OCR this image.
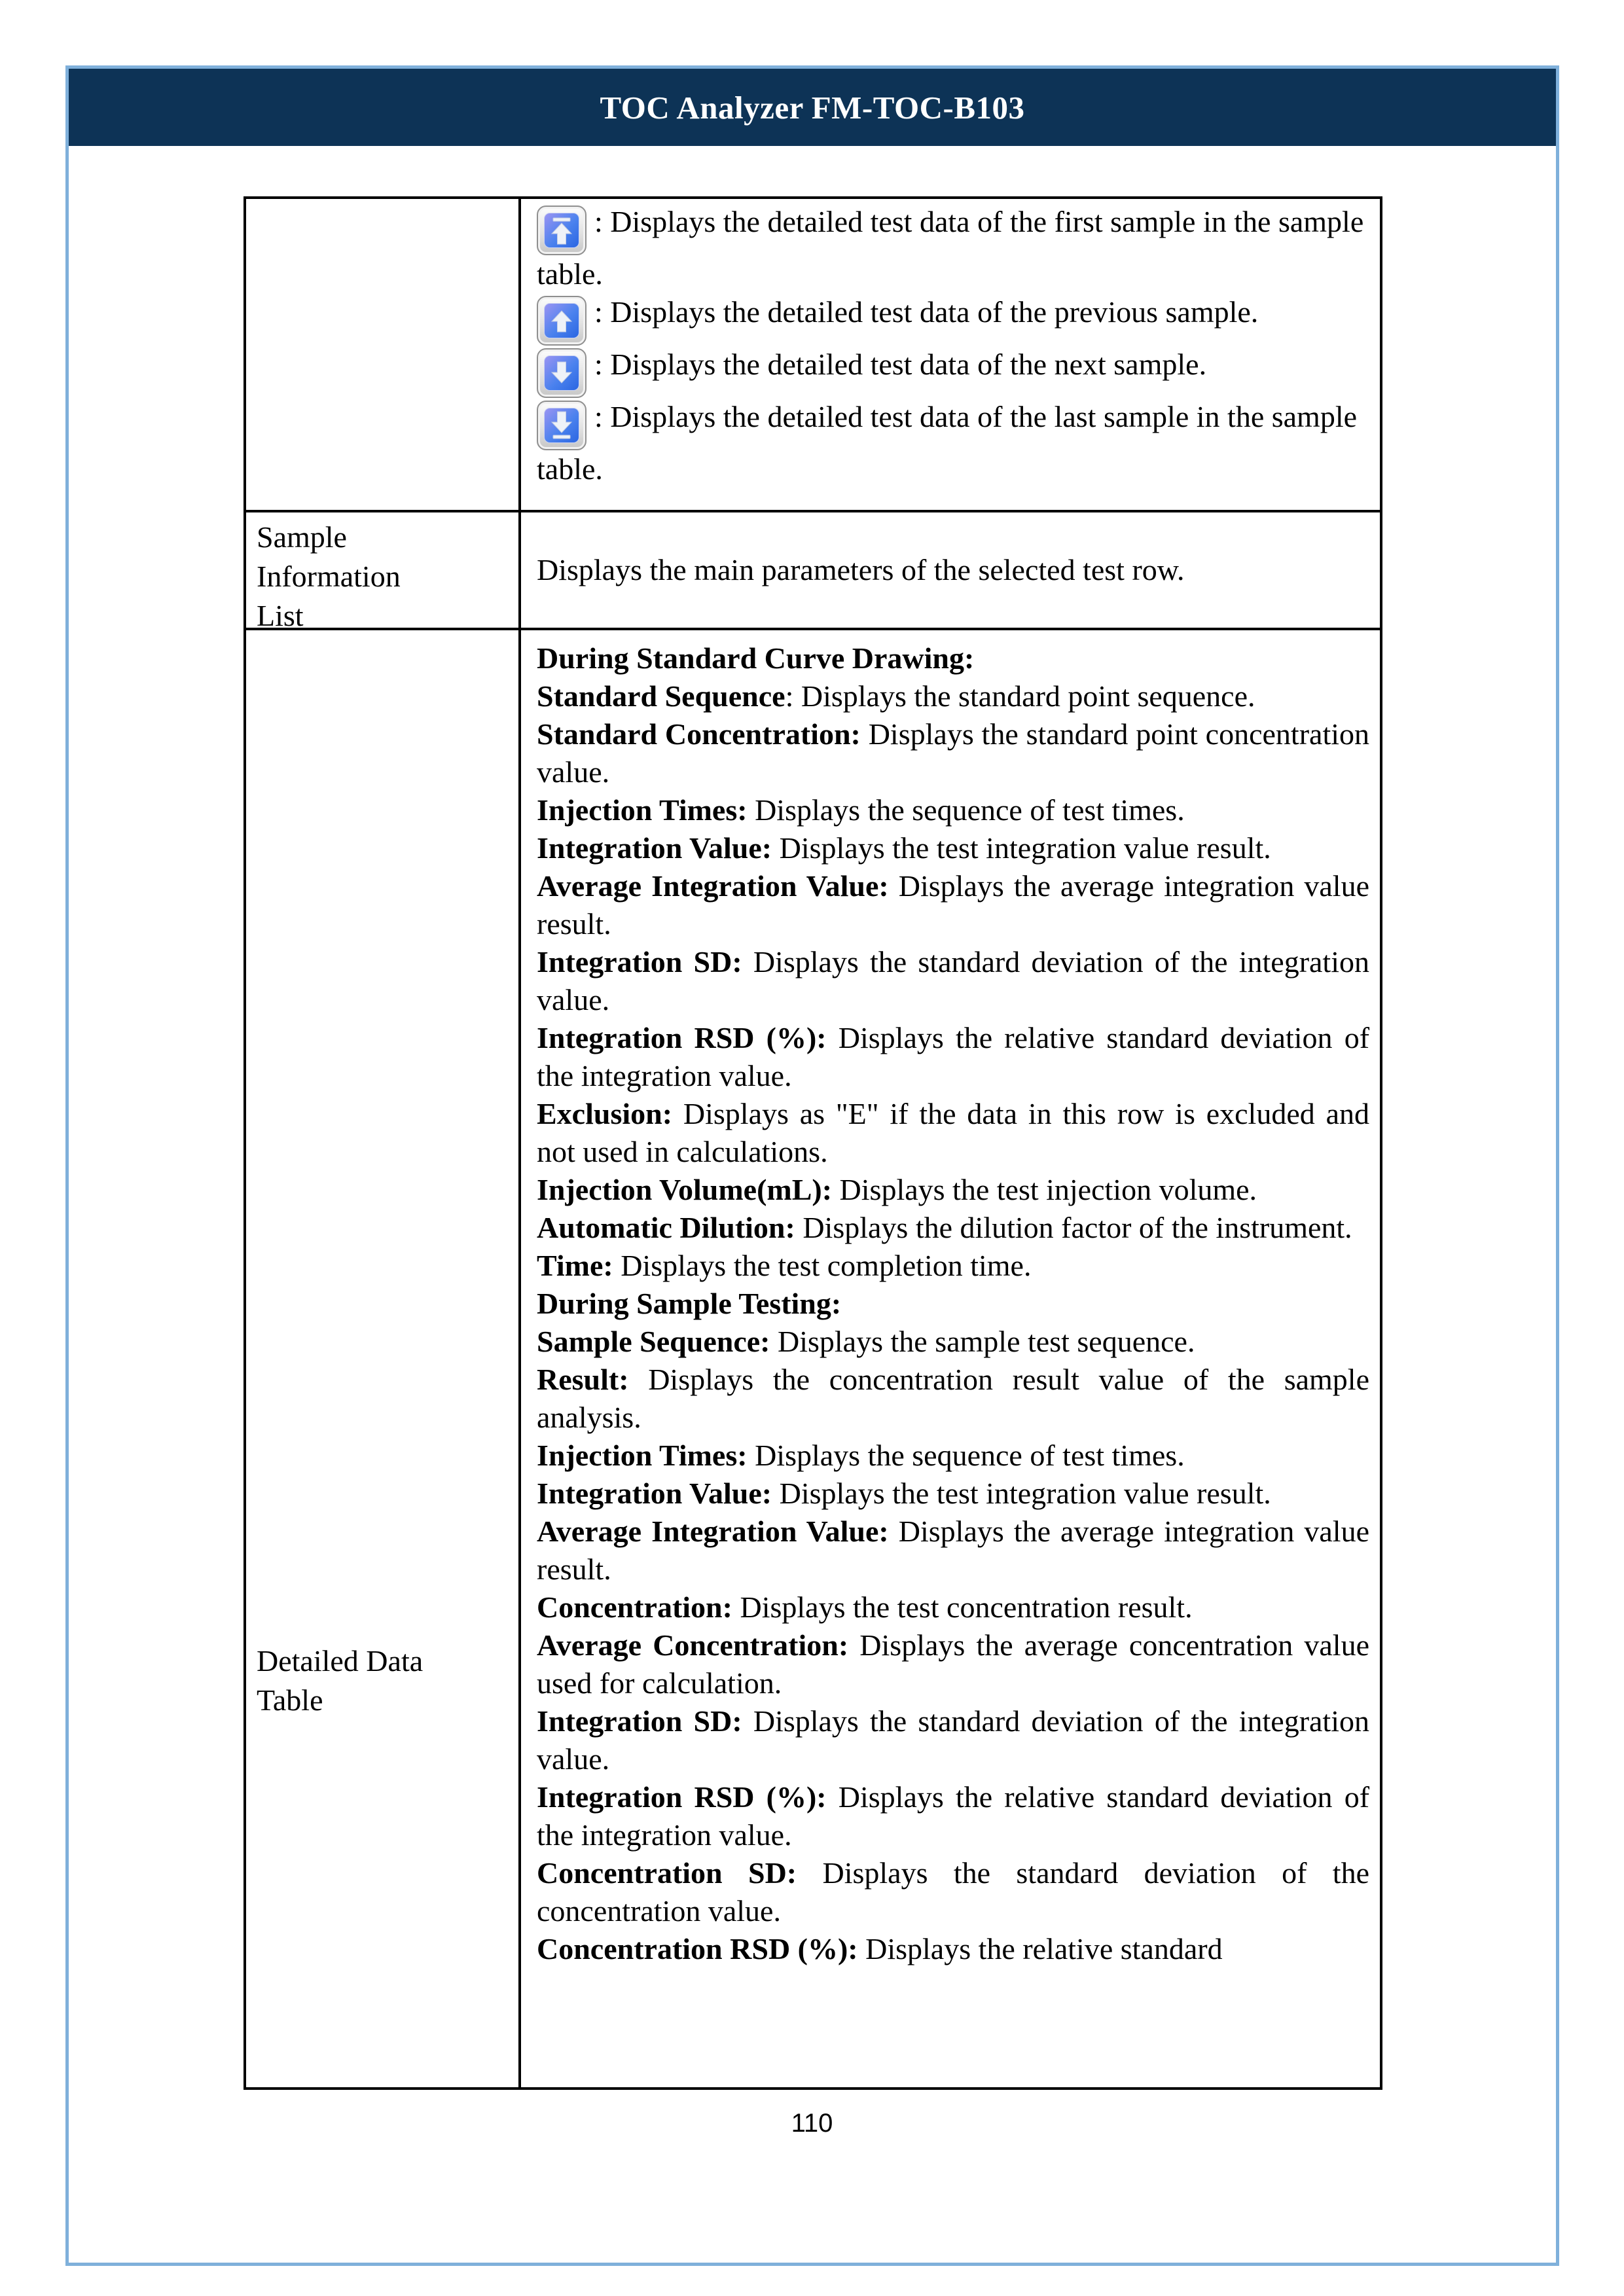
TOC Analyzer FM-TOC-B103

: Displays the detailed test data of the first sample in the sample table.

: Displays the detailed test data of the previous sample.

: Displays the detailed test data of the next sample.

: Displays the detailed test data of the last sample in the sample table.

Sample
Information
List

Displays the main parameters of the selected test row.

Detailed Data
Table

During Standard Curve Drawing:

Standard Sequence: Displays the standard point sequence.

Standard Concentration: Displays the standard point concentration value.

Injection Times: Displays the sequence of test times.

Integration Value: Displays the test integration value result.

Average Integration Value: Displays the average integration value result.

Integration SD: Displays the standard deviation of the integration value.

Integration RSD (%): Displays the relative standard deviation of the integration value.

Exclusion: Displays as "E" if the data in this row is excluded and not used in calculations.

Injection Volume(mL): Displays the test injection volume.

Automatic Dilution: Displays the dilution factor of the instrument.

Time: Displays the test completion time.

During Sample Testing:

Sample Sequence: Displays the sample test sequence.

Result: Displays the concentration result value of the sample analysis.

Injection Times: Displays the sequence of test times.

Integration Value: Displays the test integration value result.

Average Integration Value: Displays the average integration value result.

Concentration: Displays the test concentration result.

Average Concentration: Displays the average concentration value used for calculation.

Integration SD: Displays the standard deviation of the integration value.

Integration RSD (%): Displays the relative standard deviation of the integration value.

Concentration SD: Displays the standard deviation of the concentration value.

Concentration RSD (%): Displays the relative standard

110
